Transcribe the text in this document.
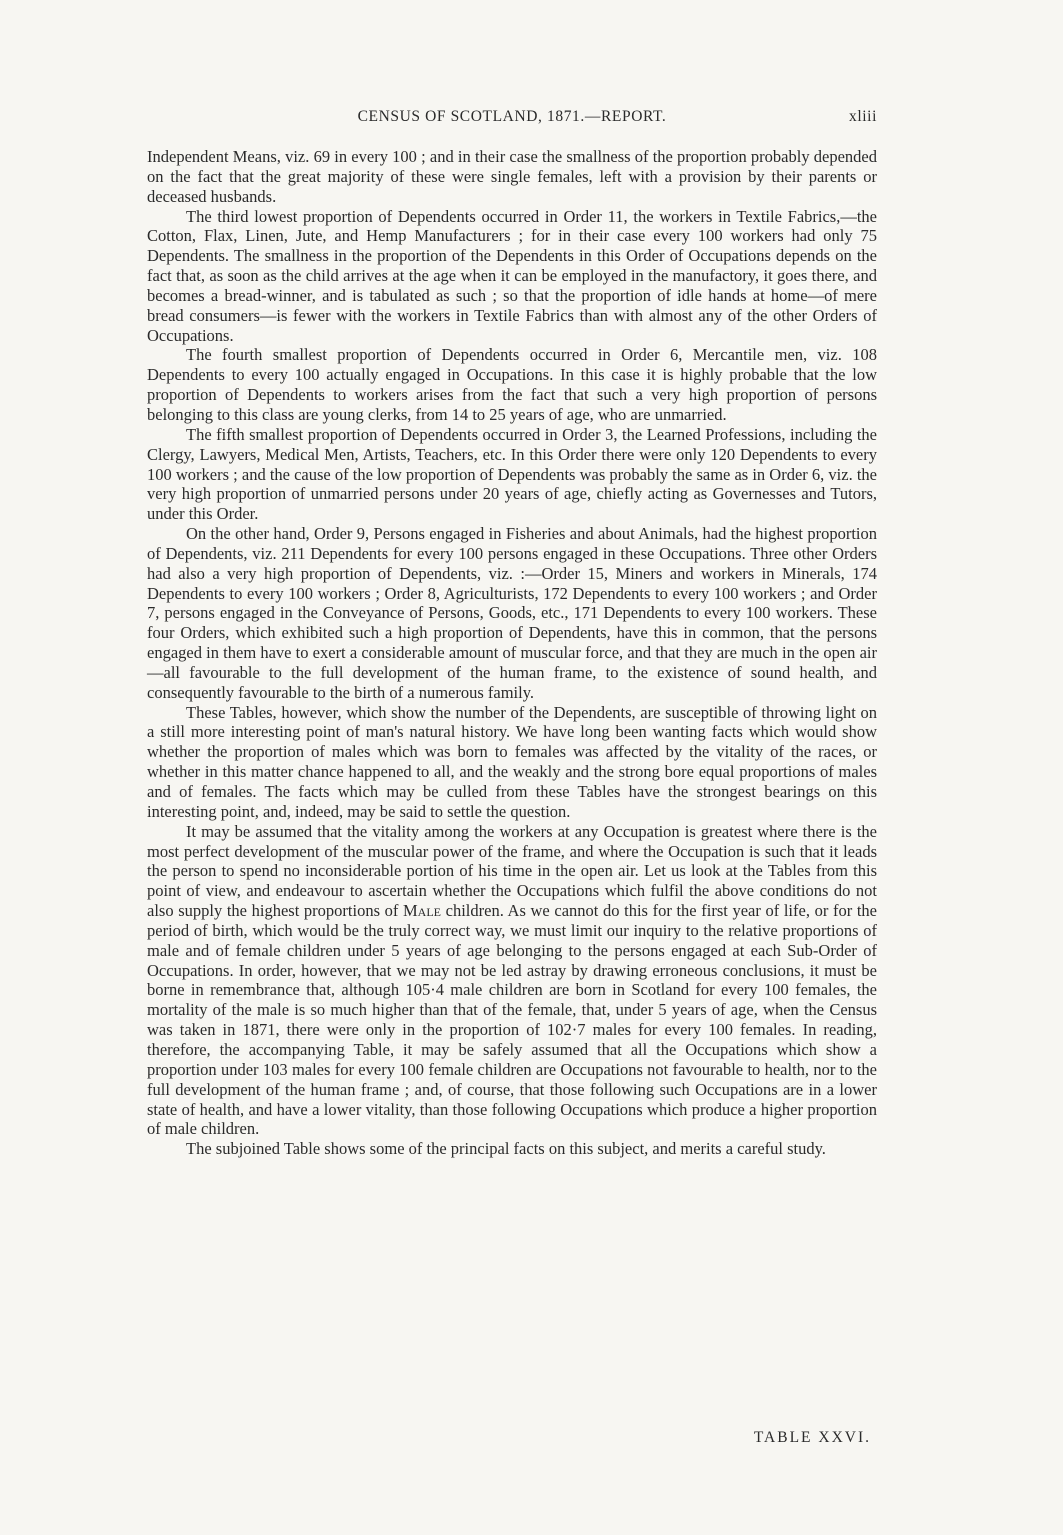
CENSUS OF SCOTLAND, 1871.—REPORT.	xliii

Independent Means, viz. 69 in every 100 ; and in their case the smallness of the proportion probably depended on the fact that the great majority of these were single females, left with a provision by their parents or deceased husbands.

The third lowest proportion of Dependents occurred in Order 11, the workers in Textile Fabrics,—the Cotton, Flax, Linen, Jute, and Hemp Manufacturers ; for in their case every 100 workers had only 75 Dependents. The smallness in the proportion of the Dependents in this Order of Occupations depends on the fact that, as soon as the child arrives at the age when it can be employed in the manufactory, it goes there, and becomes a bread-winner, and is tabulated as such ; so that the proportion of idle hands at home—of mere bread consumers—is fewer with the workers in Textile Fabrics than with almost any of the other Orders of Occupations.

The fourth smallest proportion of Dependents occurred in Order 6, Mercantile men, viz. 108 Dependents to every 100 actually engaged in Occupations. In this case it is highly probable that the low proportion of Dependents to workers arises from the fact that such a very high proportion of persons belonging to this class are young clerks, from 14 to 25 years of age, who are unmarried.

The fifth smallest proportion of Dependents occurred in Order 3, the Learned Professions, including the Clergy, Lawyers, Medical Men, Artists, Teachers, etc. In this Order there were only 120 Dependents to every 100 workers ; and the cause of the low proportion of Dependents was probably the same as in Order 6, viz. the very high proportion of unmarried persons under 20 years of age, chiefly acting as Governesses and Tutors, under this Order.

On the other hand, Order 9, Persons engaged in Fisheries and about Animals, had the highest proportion of Dependents, viz. 211 Dependents for every 100 persons engaged in these Occupations. Three other Orders had also a very high proportion of Dependents, viz. :—Order 15, Miners and workers in Minerals, 174 Dependents to every 100 workers ; Order 8, Agriculturists, 172 Dependents to every 100 workers ; and Order 7, persons engaged in the Conveyance of Persons, Goods, etc., 171 Dependents to every 100 workers. These four Orders, which exhibited such a high proportion of Dependents, have this in common, that the persons engaged in them have to exert a considerable amount of muscular force, and that they are much in the open air—all favourable to the full development of the human frame, to the existence of sound health, and consequently favourable to the birth of a numerous family.

These Tables, however, which show the number of the Dependents, are susceptible of throwing light on a still more interesting point of man's natural history. We have long been wanting facts which would show whether the proportion of males which was born to females was affected by the vitality of the races, or whether in this matter chance happened to all, and the weakly and the strong bore equal proportions of males and of females. The facts which may be culled from these Tables have the strongest bearings on this interesting point, and, indeed, may be said to settle the question.

It may be assumed that the vitality among the workers at any Occupation is greatest where there is the most perfect development of the muscular power of the frame, and where the Occupation is such that it leads the person to spend no inconsiderable portion of his time in the open air. Let us look at the Tables from this point of view, and endeavour to ascertain whether the Occupations which fulfil the above conditions do not also supply the highest proportions of Male children. As we cannot do this for the first year of life, or for the period of birth, which would be the truly correct way, we must limit our inquiry to the relative proportions of male and of female children under 5 years of age belonging to the persons engaged at each Sub-Order of Occupations. In order, however, that we may not be led astray by drawing erroneous conclusions, it must be borne in remembrance that, although 105·4 male children are born in Scotland for every 100 females, the mortality of the male is so much higher than that of the female, that, under 5 years of age, when the Census was taken in 1871, there were only in the proportion of 102·7 males for every 100 females. In reading, therefore, the accompanying Table, it may be safely assumed that all the Occupations which show a proportion under 103 males for every 100 female children are Occupations not favourable to health, nor to the full development of the human frame ; and, of course, that those following such Occupations are in a lower state of health, and have a lower vitality, than those following Occupations which produce a higher proportion of male children.

The subjoined Table shows some of the principal facts on this subject, and merits a careful study.

TABLE XXVI.
